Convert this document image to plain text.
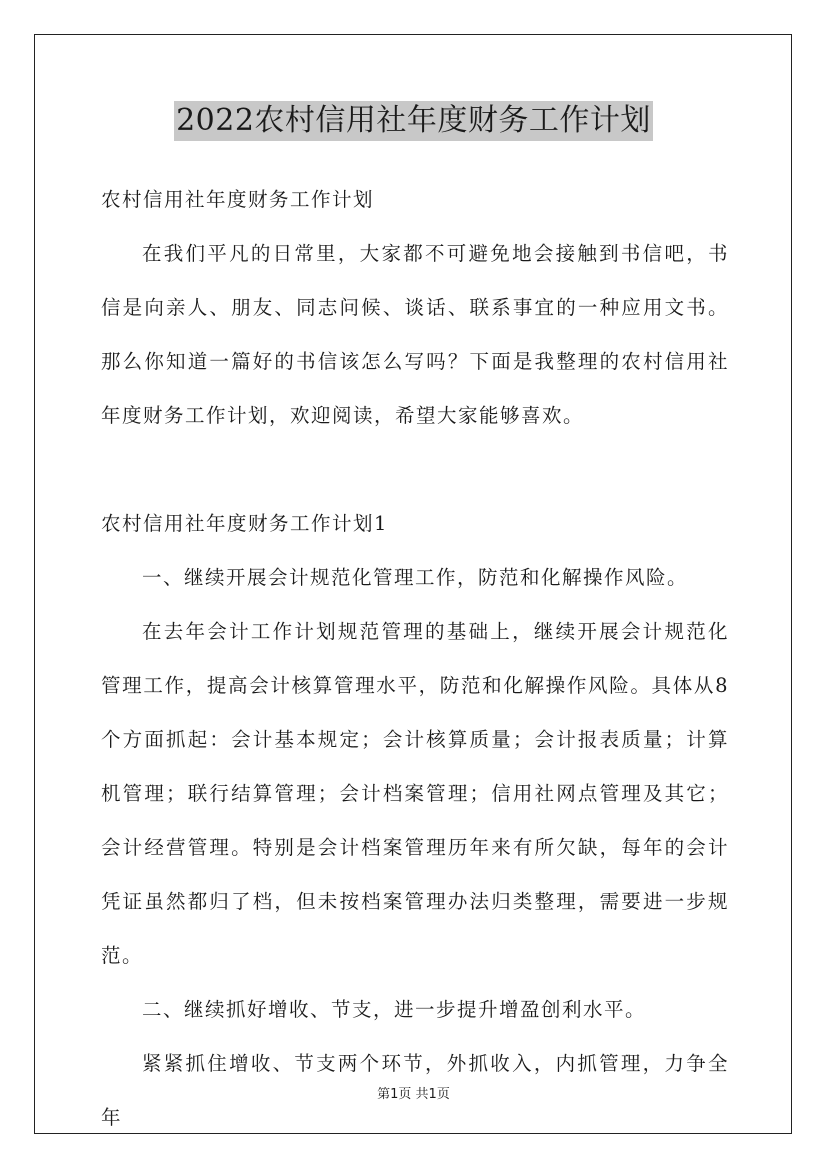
2022农村信用社年度财务工作计划

农村信用社年度财务工作计划

在我们平凡的日常里，大家都不可避免地会接触到书信吧，书信是向亲人、朋友、同志问候、谈话、联系事宜的一种应用文书。那么你知道一篇好的书信该怎么写吗？下面是我整理的农村信用社年度财务工作计划，欢迎阅读，希望大家能够喜欢。

农村信用社年度财务工作计划1

一、继续开展会计规范化管理工作，防范和化解操作风险。

在去年会计工作计划规范管理的基础上，继续开展会计规范化管理工作，提高会计核算管理水平，防范和化解操作风险。具体从8个方面抓起：会计基本规定；会计核算质量；会计报表质量；计算机管理；联行结算管理；会计档案管理；信用社网点管理及其它；会计经营管理。特别是会计档案管理历年来有所欠缺，每年的会计凭证虽然都归了档，但未按档案管理办法归类整理，需要进一步规范。

二、继续抓好增收、节支，进一步提升增盈创利水平。

紧紧抓住增收、节支两个环节，外抓收入，内抓管理，力争全年

第1页 共1页
